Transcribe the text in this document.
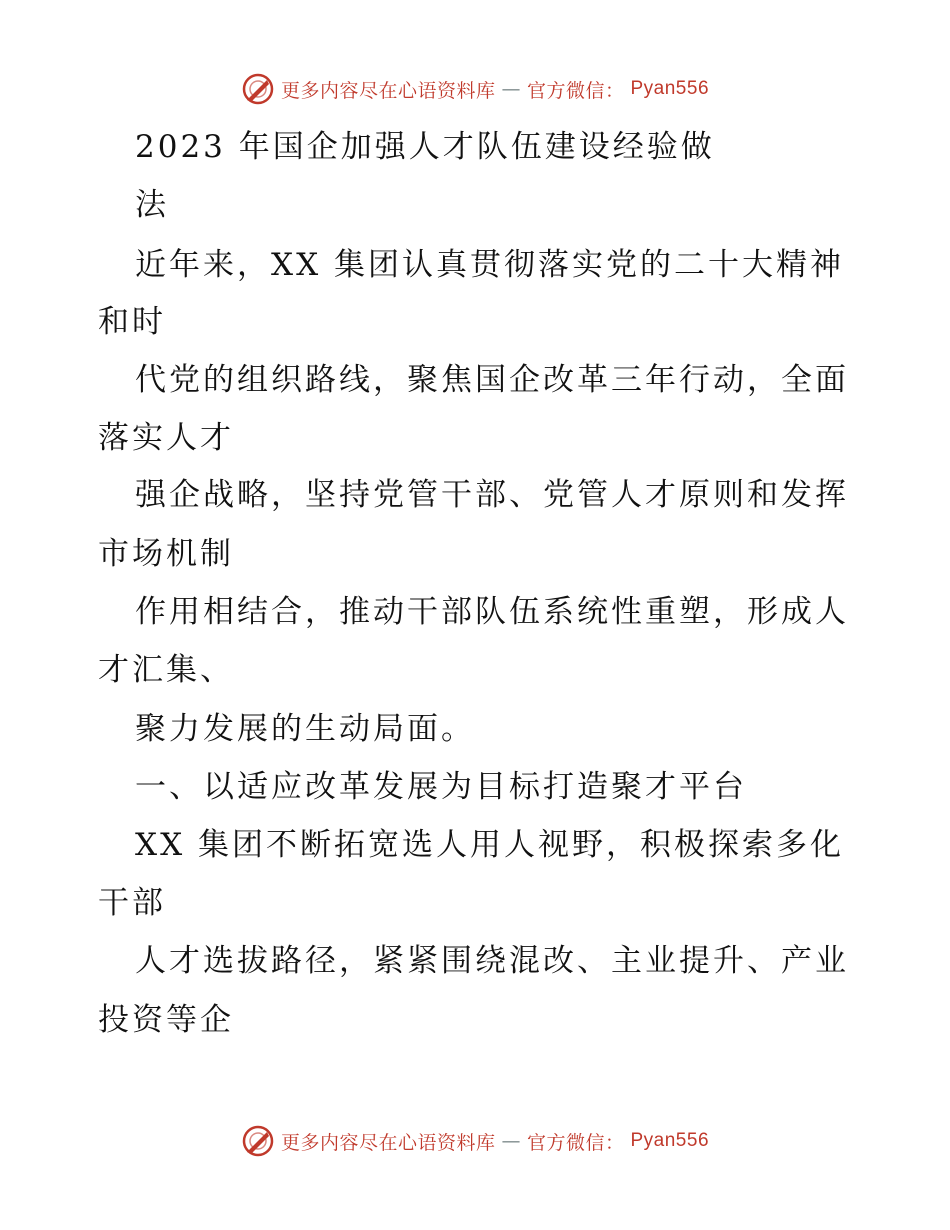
更多内容尽在心语资料库 — 官方微信： Pyan556
2023 年国企加强人才队伍建设经验做
法
近年来，XX 集团认真贯彻落实党的二十大精神
和时
代党的组织路线，聚焦国企改革三年行动，全面
落实人才
强企战略，坚持党管干部、党管人才原则和发挥
市场机制
作用相结合，推动干部队伍系统性重塑，形成人
才汇集、
聚力发展的生动局面。
一、以适应改革发展为目标打造聚才平台
XX 集团不断拓宽选人用人视野，积极探索多化
干部
人才选拔路径，紧紧围绕混改、主业提升、产业
投资等企
更多内容尽在心语资料库 — 官方微信： Pyan556
